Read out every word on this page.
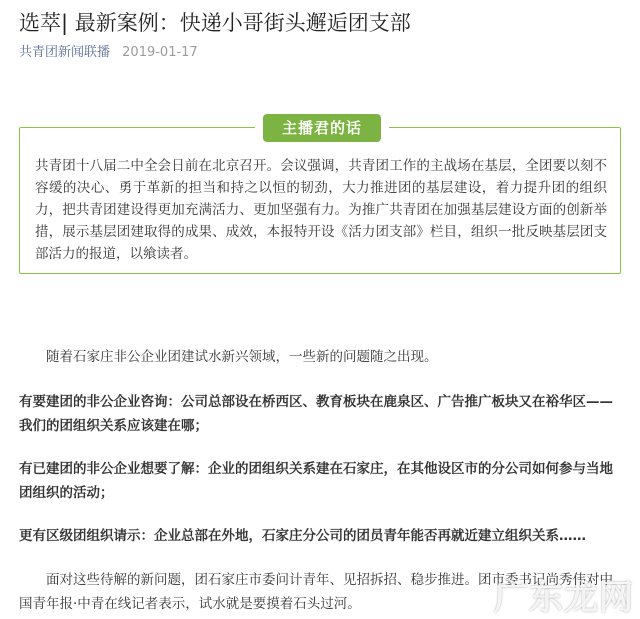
选萃| 最新案例：快递小哥街头邂逅团支部
共青团新闻联播 2019-01-17
主播君的话

共青团十八届二中全会日前在北京召开。会议强调，共青团工作的主战场在基层，全团要以刻不容缓的决心、勇于革新的担当和持之以恒的韧劲，大力推进团的基层建设，着力提升团的组织力，把共青团建设得更加充满活力、更加坚强有力。为推广共青团在加强基层建设方面的创新举措，展示基层团建取得的成果、成效，本报特开设《活力团支部》栏目，组织一批反映基层团支部活力的报道，以飨读者。

随着石家庄非公企业团建试水新兴领域，一些新的问题随之出现。

有要建团的非公企业咨询：公司总部设在桥西区、教育板块在鹿泉区、广告推广板块又在裕华区——我们的团组织关系应该建在哪；

有已建团的非公企业想要了解：企业的团组织关系建在石家庄，在其他设区市的分公司如何参与当地团组织的活动；

更有区级团组织请示：企业总部在外地，石家庄分公司的团员青年能否再就近建立组织关系……

面对这些待解的新问题，团石家庄市委问计青年、见招拆招、稳步推进。团市委书记尚秀伟对中国青年报·中青在线记者表示，试水就是要摸着石头过河。	广东龙网
